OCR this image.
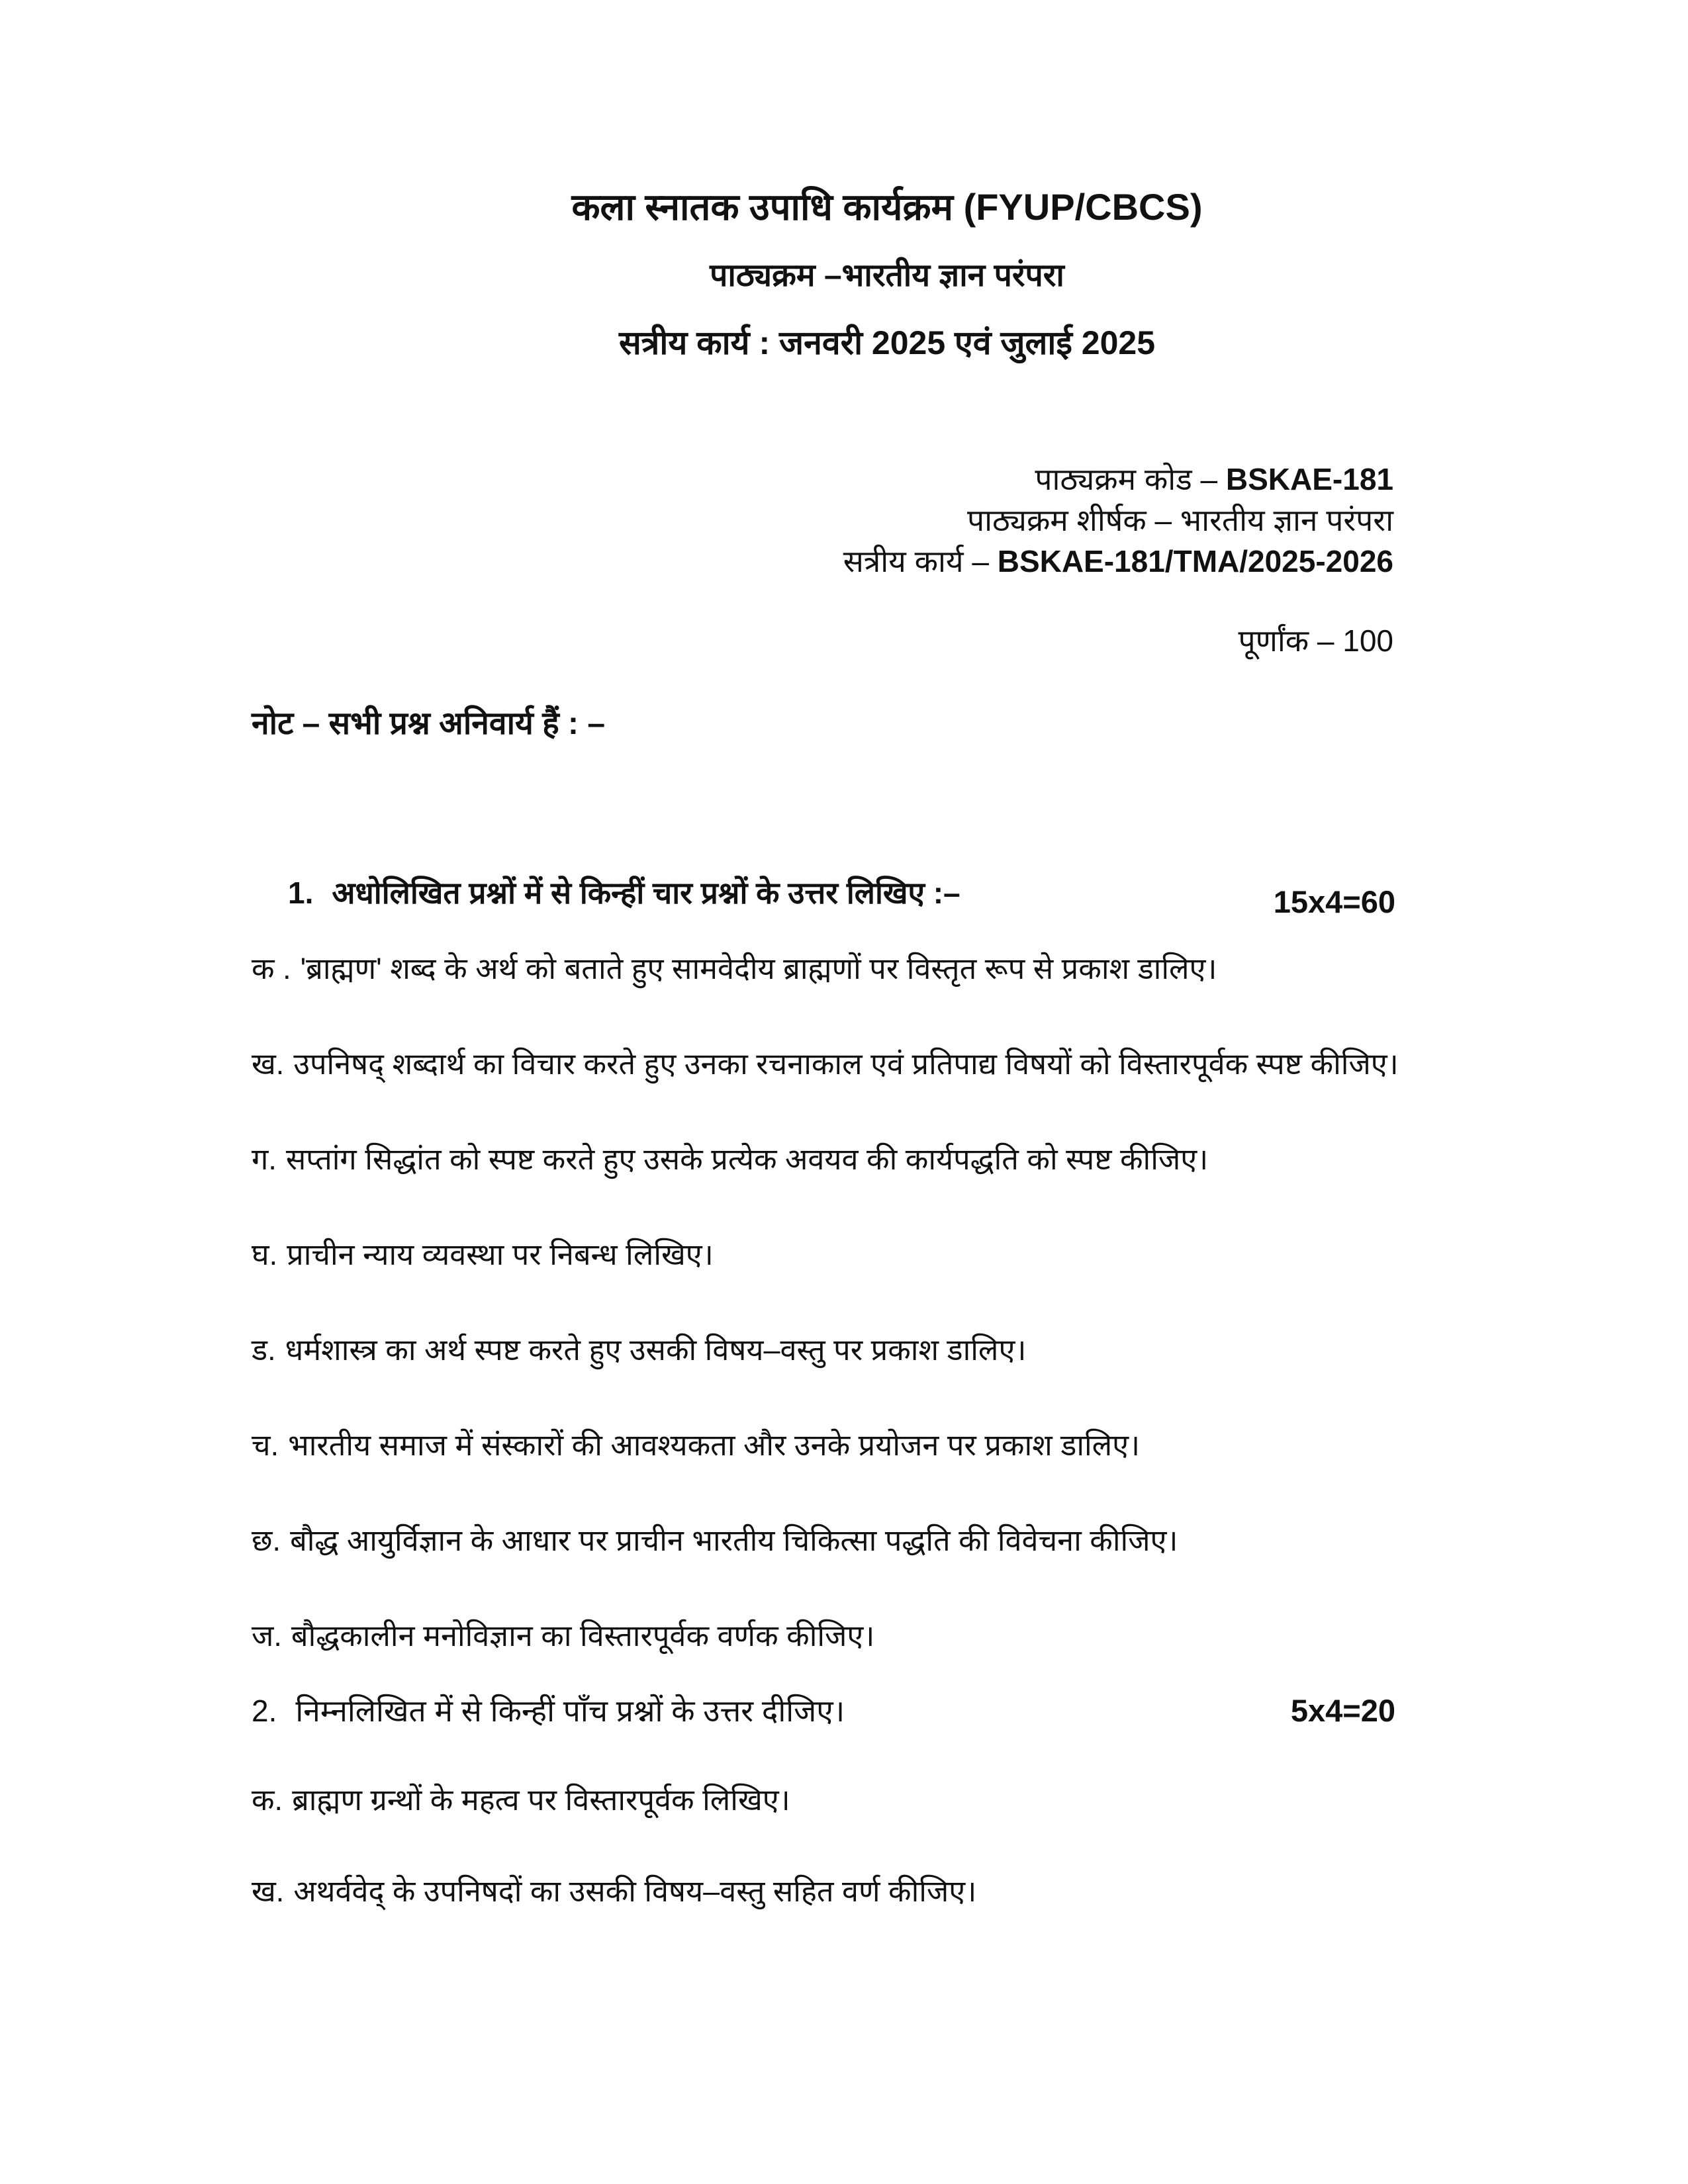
कला स्नातक उपाधि कार्यक्रम (FYUP/CBCS)
पाठ्यक्रम –भारतीय ज्ञान परंपरा
सत्रीय कार्य : जनवरी 2025 एवं जुलाई 2025
पाठ्यक्रम कोड – BSKAE-181
पाठ्यक्रम शीर्षक – भारतीय ज्ञान परंपरा
सत्रीय कार्य – BSKAE-181/TMA/2025-2026
पूर्णांक – 100
नोट – सभी प्रश्न अनिवार्य हैं : –
1. अधोलिखित प्रश्नों में से किन्हीं चार प्रश्नों के उत्तर लिखिए :–	15x4=60
क . 'ब्राह्मण' शब्द के अर्थ को बताते हुए सामवेदीय ब्राह्मणों पर विस्तृत रूप से प्रकाश डालिए।
ख. उपनिषद् शब्दार्थ का विचार करते हुए उनका रचनाकाल एवं प्रतिपाद्य विषयों को विस्तारपूर्वक स्पष्ट कीजिए।
ग. सप्तांग सिद्धांत को स्पष्ट करते हुए उसके प्रत्येक अवयव की कार्यपद्धति को स्पष्ट कीजिए।
घ. प्राचीन न्याय व्यवस्था पर निबन्ध लिखिए।
ड. धर्मशास्त्र का अर्थ स्पष्ट करते हुए उसकी विषय–वस्तु पर प्रकाश डालिए।
च. भारतीय समाज में संस्कारों की आवश्यकता और उनके प्रयोजन पर प्रकाश डालिए।
छ. बौद्ध आयुर्विज्ञान के आधार पर प्राचीन भारतीय चिकित्सा पद्धति की विवेचना कीजिए।
ज. बौद्धकालीन मनोविज्ञान का विस्तारपूर्वक वर्णक कीजिए।
2. निम्नलिखित में से किन्हीं पाँच प्रश्नों के उत्तर दीजिए।	5x4=20
क. ब्राह्मण ग्रन्थों के महत्व पर विस्तारपूर्वक लिखिए।
ख. अथर्ववेद् के उपनिषदों का उसकी विषय–वस्तु सहित वर्ण कीजिए।
